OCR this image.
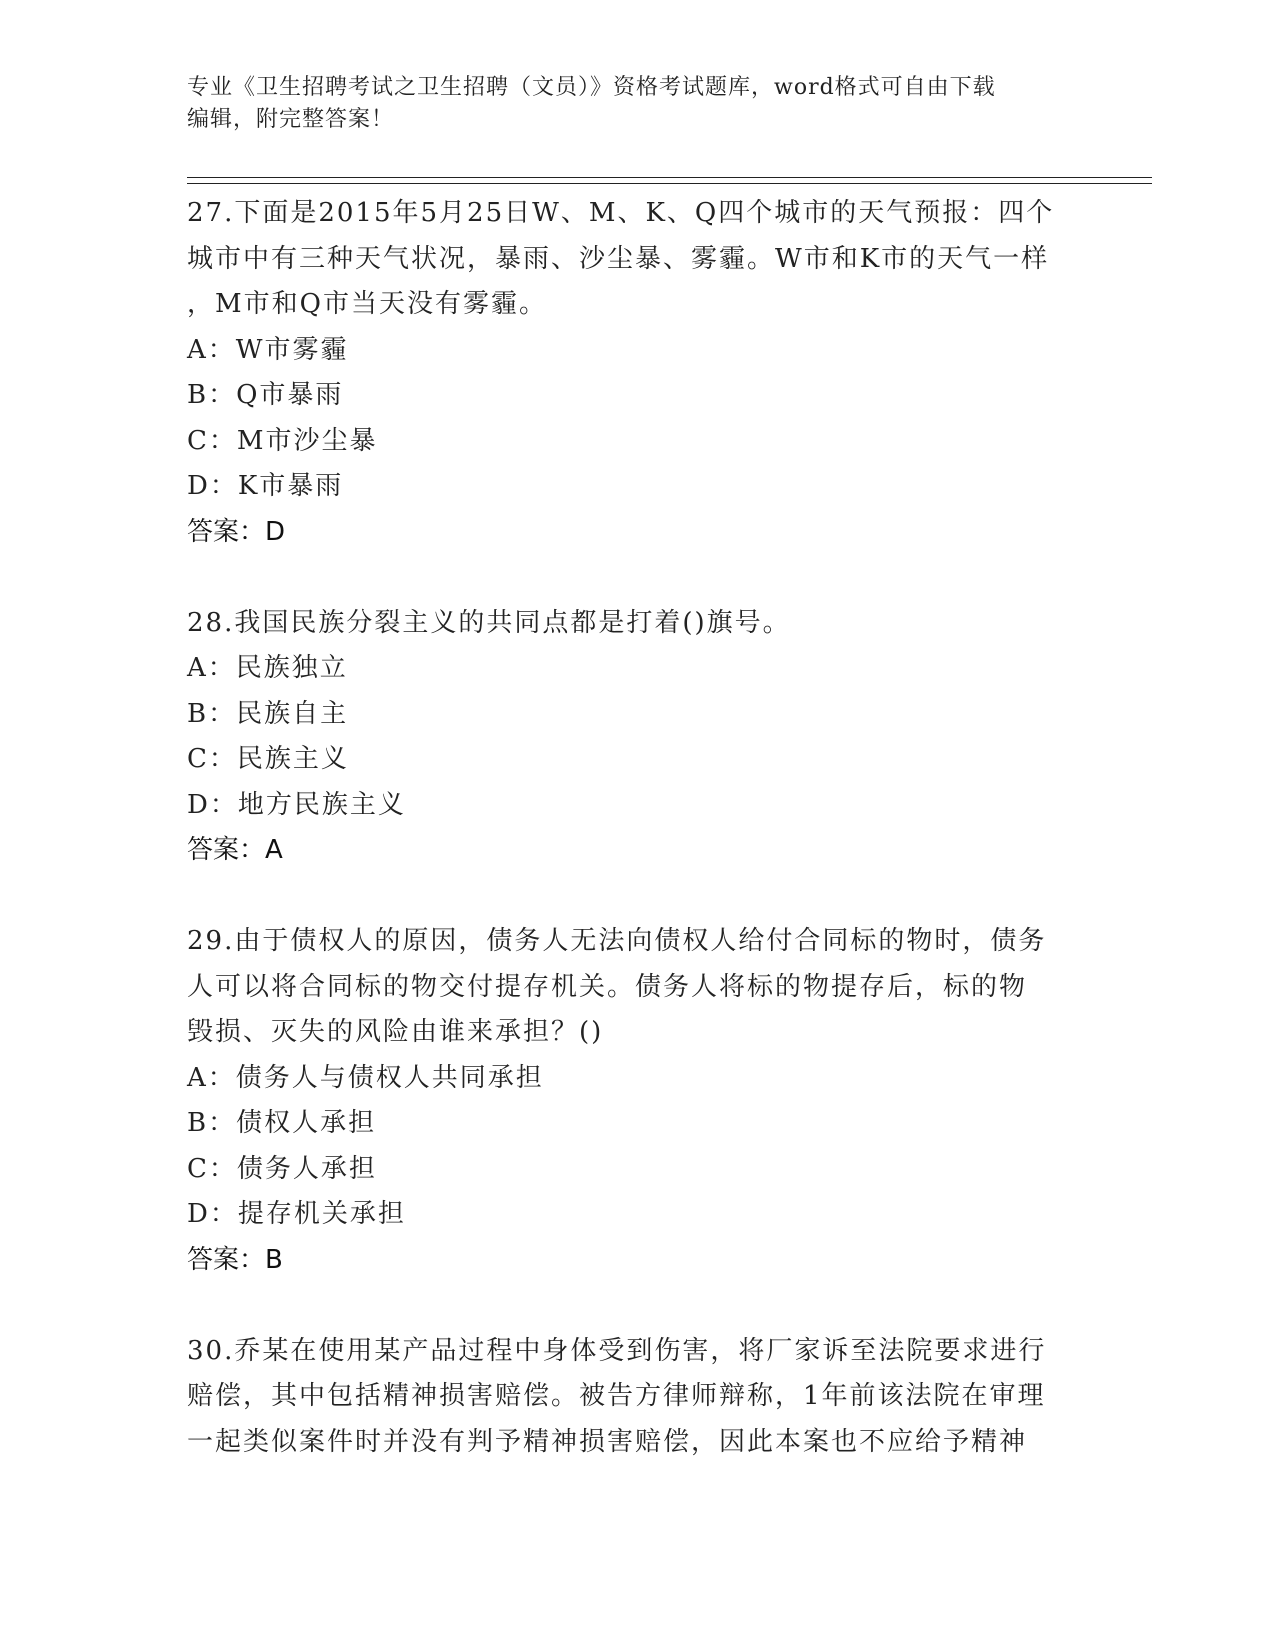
专业《卫生招聘考试之卫生招聘（文员）》资格考试题库，word格式可自由下载
编辑，附完整答案！
27.下面是2015年5月25日W、M、K、Q四个城市的天气预报：四个
城市中有三种天气状况，暴雨、沙尘暴、雾霾。W市和K市的天气一样
，M市和Q市当天没有雾霾。
A：W市雾霾
B：Q市暴雨
C：M市沙尘暴
D：K市暴雨
答案：D
28.我国民族分裂主义的共同点都是打着()旗号。
A：民族独立
B：民族自主
C：民族主义
D：地方民族主义
答案：A
29.由于债权人的原因，债务人无法向债权人给付合同标的物时，债务
人可以将合同标的物交付提存机关。债务人将标的物提存后，标的物
毁损、灭失的风险由谁来承担？()
A：债务人与债权人共同承担
B：债权人承担
C：债务人承担
D：提存机关承担
答案：B
30.乔某在使用某产品过程中身体受到伤害，将厂家诉至法院要求进行
赔偿，其中包括精神损害赔偿。被告方律师辩称，1年前该法院在审理
一起类似案件时并没有判予精神损害赔偿，因此本案也不应给予精神
